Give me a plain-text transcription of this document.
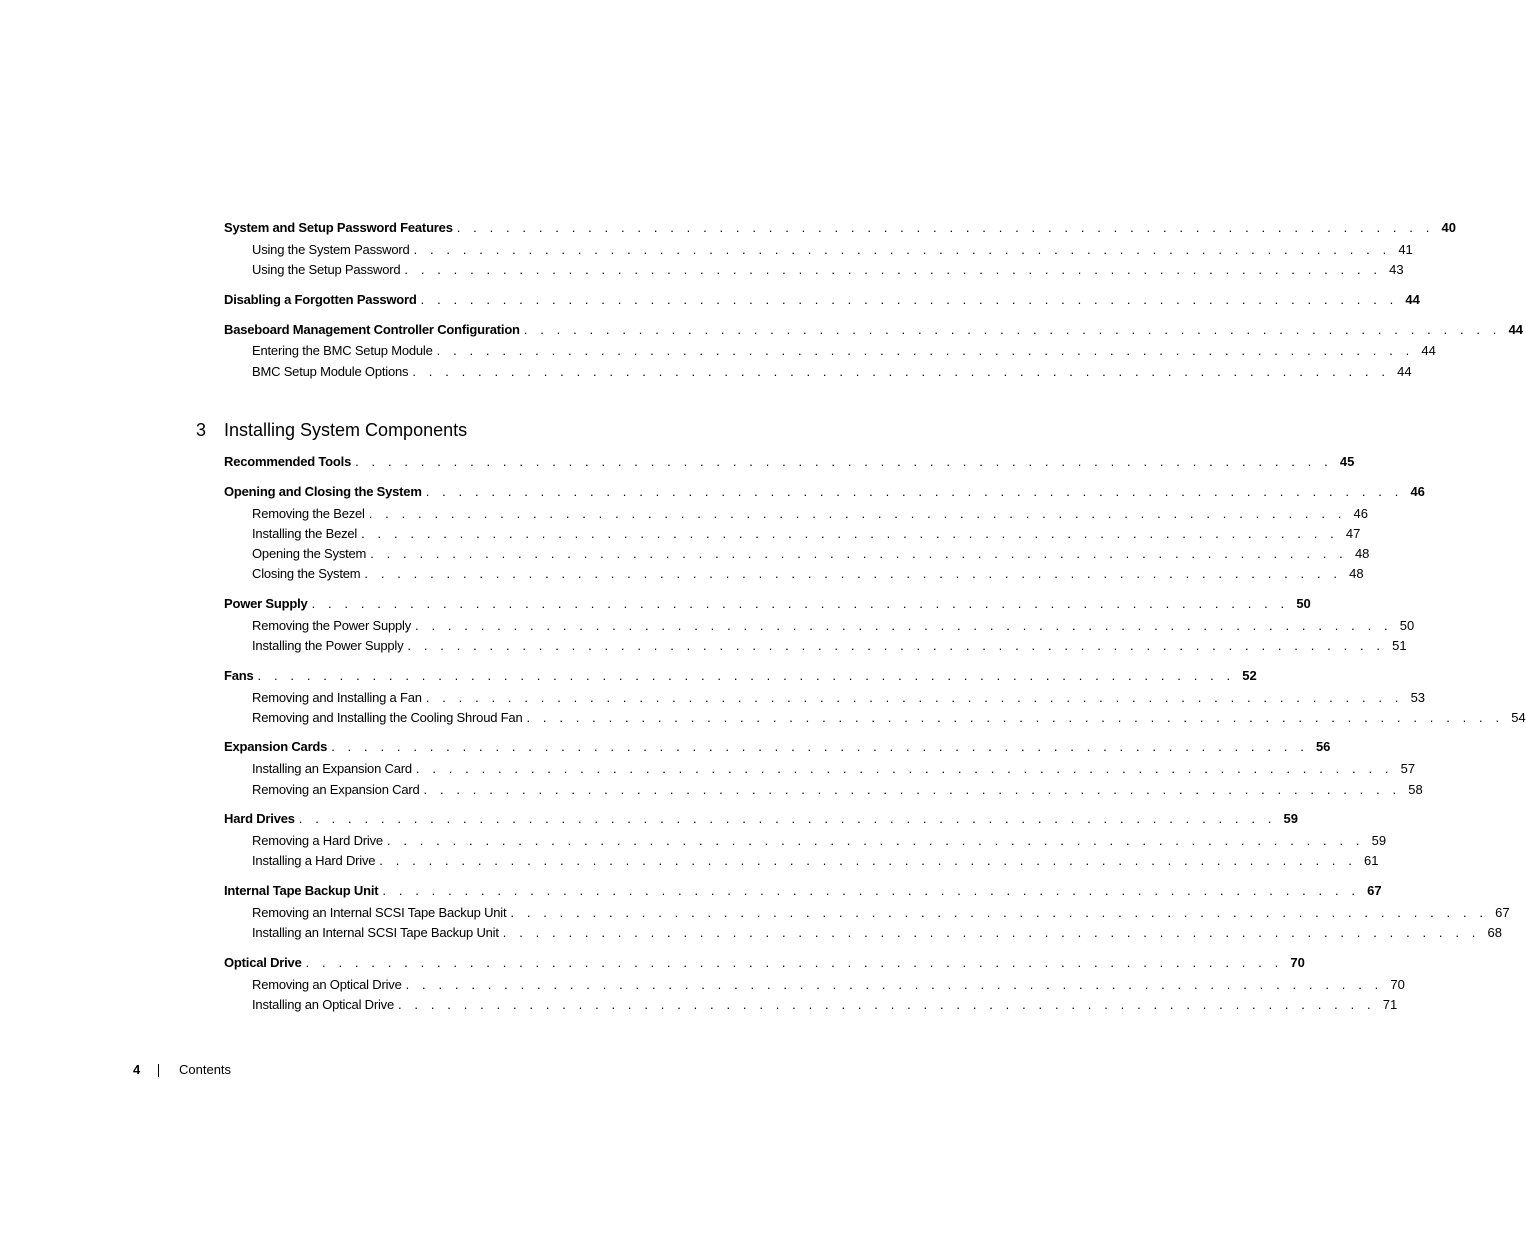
System and Setup Password Features . . . . . . . . . . . . . . . . . . . . . . . . . . . . . . . . . . . . . . . . . . . . . . . . . . . . . . . . . . . . 40
Using the System Password . . . . . . . . . . . . . . . . . . . . . . . . . . . . . . . . . . . . . . . . . . . . . . . . . . . . . . . . . . . . 41
Using the Setup Password . . . . . . . . . . . . . . . . . . . . . . . . . . . . . . . . . . . . . . . . . . . . . . . . . . . . . . . . . . . . 43
Disabling a Forgotten Password . . . . . . . . . . . . . . . . . . . . . . . . . . . . . . . . . . . . . . . . . . . . . . . . . . . . . . . . . . . . 44
Baseboard Management Controller Configuration . . . . . . . . . . . . . . . . . . . . . . . . . . . . . . . . . . . . . . . . . . . . . . . . . . . . . . . . . . . . 44
Entering the BMC Setup Module . . . . . . . . . . . . . . . . . . . . . . . . . . . . . . . . . . . . . . . . . . . . . . . . . . . . . . . . . . . . 44
BMC Setup Module Options . . . . . . . . . . . . . . . . . . . . . . . . . . . . . . . . . . . . . . . . . . . . . . . . . . . . . . . . . . . . 44
3 Installing System Components
Recommended Tools . . . . . . . . . . . . . . . . . . . . . . . . . . . . . . . . . . . . . . . . . . . . . . . . . . . . . . . . . . . . 45
Opening and Closing the System . . . . . . . . . . . . . . . . . . . . . . . . . . . . . . . . . . . . . . . . . . . . . . . . . . . . . . . . . . . . 46
Removing the Bezel . . . . . . . . . . . . . . . . . . . . . . . . . . . . . . . . . . . . . . . . . . . . . . . . . . . . . . . . . . . . 46
Installing the Bezel . . . . . . . . . . . . . . . . . . . . . . . . . . . . . . . . . . . . . . . . . . . . . . . . . . . . . . . . . . . . 47
Opening the System . . . . . . . . . . . . . . . . . . . . . . . . . . . . . . . . . . . . . . . . . . . . . . . . . . . . . . . . . . . . 48
Closing the System . . . . . . . . . . . . . . . . . . . . . . . . . . . . . . . . . . . . . . . . . . . . . . . . . . . . . . . . . . . . 48
Power Supply . . . . . . . . . . . . . . . . . . . . . . . . . . . . . . . . . . . . . . . . . . . . . . . . . . . . . . . . . . . . 50
Removing the Power Supply . . . . . . . . . . . . . . . . . . . . . . . . . . . . . . . . . . . . . . . . . . . . . . . . . . . . . . . . . . . . 50
Installing the Power Supply . . . . . . . . . . . . . . . . . . . . . . . . . . . . . . . . . . . . . . . . . . . . . . . . . . . . . . . . . . . . 51
Fans . . . . . . . . . . . . . . . . . . . . . . . . . . . . . . . . . . . . . . . . . . . . . . . . . . . . . . . . . . . . 52
Removing and Installing a Fan . . . . . . . . . . . . . . . . . . . . . . . . . . . . . . . . . . . . . . . . . . . . . . . . . . . . . . . . . . . . 53
Removing and Installing the Cooling Shroud Fan . . . . . . . . . . . . . . . . . . . . . . . . . . . . . . . . . . . . . . . . . . . . . . . . . . . . . . . . . . . . 54
Expansion Cards . . . . . . . . . . . . . . . . . . . . . . . . . . . . . . . . . . . . . . . . . . . . . . . . . . . . . . . . . . . . 56
Installing an Expansion Card . . . . . . . . . . . . . . . . . . . . . . . . . . . . . . . . . . . . . . . . . . . . . . . . . . . . . . . . . . . . 57
Removing an Expansion Card . . . . . . . . . . . . . . . . . . . . . . . . . . . . . . . . . . . . . . . . . . . . . . . . . . . . . . . . . . . . 58
Hard Drives . . . . . . . . . . . . . . . . . . . . . . . . . . . . . . . . . . . . . . . . . . . . . . . . . . . . . . . . . . . . 59
Removing a Hard Drive . . . . . . . . . . . . . . . . . . . . . . . . . . . . . . . . . . . . . . . . . . . . . . . . . . . . . . . . . . . . 59
Installing a Hard Drive . . . . . . . . . . . . . . . . . . . . . . . . . . . . . . . . . . . . . . . . . . . . . . . . . . . . . . . . . . . . 61
Internal Tape Backup Unit . . . . . . . . . . . . . . . . . . . . . . . . . . . . . . . . . . . . . . . . . . . . . . . . . . . . . . . . . . . . 67
Removing an Internal SCSI Tape Backup Unit . . . . . . . . . . . . . . . . . . . . . . . . . . . . . . . . . . . . . . . . . . . . . . . . . . . . . . . . . . . . 67
Installing an Internal SCSI Tape Backup Unit . . . . . . . . . . . . . . . . . . . . . . . . . . . . . . . . . . . . . . . . . . . . . . . . . . . . . . . . . . . . 68
Optical Drive . . . . . . . . . . . . . . . . . . . . . . . . . . . . . . . . . . . . . . . . . . . . . . . . . . . . . . . . . . . . 70
Removing an Optical Drive . . . . . . . . . . . . . . . . . . . . . . . . . . . . . . . . . . . . . . . . . . . . . . . . . . . . . . . . . . . . 70
Installing an Optical Drive . . . . . . . . . . . . . . . . . . . . . . . . . . . . . . . . . . . . . . . . . . . . . . . . . . . . . . . . . . . . 71
4	Contents
